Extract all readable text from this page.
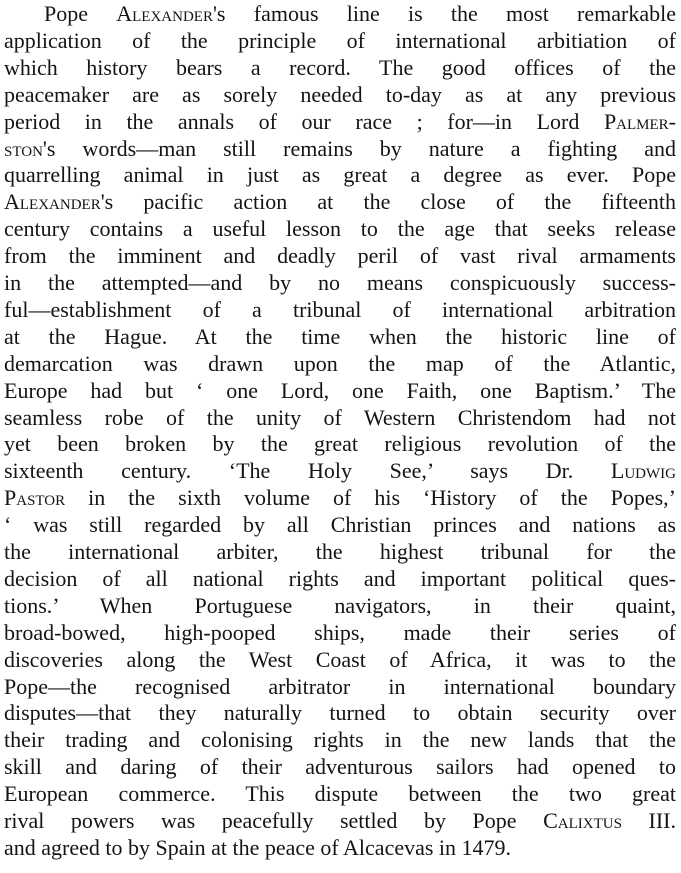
Pope Alexander's famous line is the most remarkable
application of the principle of international arbitiation of
which history bears a record. The good offices of the
peacemaker are as sorely needed to-day as at any previous
period in the annals of our race ; for—in Lord Palmer-
ston's words—man still remains by nature a fighting and
quarrelling animal in just as great a degree as ever. Pope
Alexander's pacific action at the close of the fifteenth
century contains a useful lesson to the age that seeks release
from the imminent and deadly peril of vast rival armaments
in the attempted—and by no means conspicuously success-
ful—establishment of a tribunal of international arbitration
at the Hague. At the time when the historic line of
demarcation was drawn upon the map of the Atlantic,
Europe had but ‘ one Lord, one Faith, one Baptism.’ The
seamless robe of the unity of Western Christendom had not
yet been broken by the great religious revolution of the
sixteenth century. ‘The Holy See,’ says Dr. Ludwig
Pastor in the sixth volume of his ‘History of the Popes,’
‘ was still regarded by all Christian princes and nations as
the international arbiter, the highest tribunal for the
decision of all national rights and important political ques-
tions.’ When Portuguese navigators, in their quaint,
broad-bowed, high-pooped ships, made their series of
discoveries along the West Coast of Africa, it was to the
Pope—the recognised arbitrator in international boundary
disputes—that they naturally turned to obtain security over
their trading and colonising rights in the new lands that the
skill and daring of their adventurous sailors had opened to
European commerce. This dispute between the two great
rival powers was peacefully settled by Pope Calixtus III.
and agreed to by Spain at the peace of Alcacevas in 1479.
